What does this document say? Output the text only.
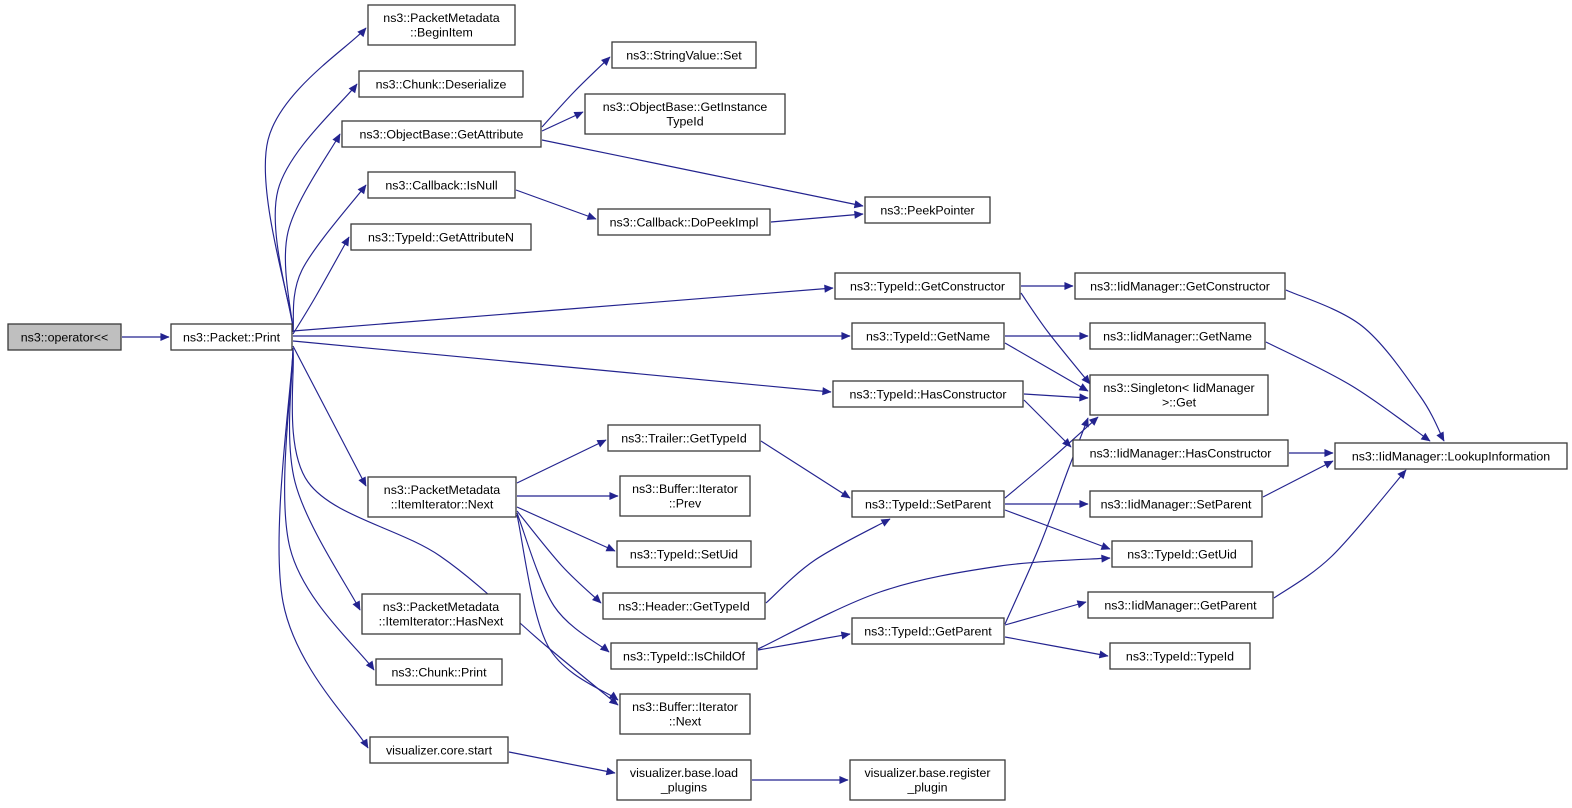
ns3::operator<<	ns3::Packet::Print
ns3::PacketMetadata ::BeginItem
ns3::Chunk::Deserialize
ns3::ObjectBase::GetAttribute
ns3::Callback::IsNull
ns3::TypeId::GetAttributeN
ns3::PacketMetadata ::ItemIterator::Next
ns3::PacketMetadata ::ItemIterator::HasNext
ns3::Chunk::Print
visualizer.core.start
ns3::StringValue::Set
ns3::ObjectBase::GetInstance TypeId
ns3::Callback::DoPeekImpl
ns3::Trailer::GetTypeId
ns3::Buffer::Iterator ::Prev
ns3::TypeId::SetUid
ns3::Header::GetTypeId
ns3::TypeId::IsChildOf
ns3::Buffer::Iterator ::Next
visualizer.base.load _plugins
ns3::PeekPointer
ns3::TypeId::GetConstructor
ns3::TypeId::GetName
ns3::TypeId::HasConstructor
ns3::TypeId::SetParent
ns3::TypeId::GetParent
visualizer.base.register _plugin
ns3::IidManager::GetConstructor
ns3::IidManager::GetName
ns3::Singleton< IidManager >::Get
ns3::IidManager::HasConstructor
ns3::IidManager::SetParent
ns3::TypeId::GetUid
ns3::IidManager::GetParent
ns3::TypeId::TypeId
ns3::IidManager::LookupInformation
